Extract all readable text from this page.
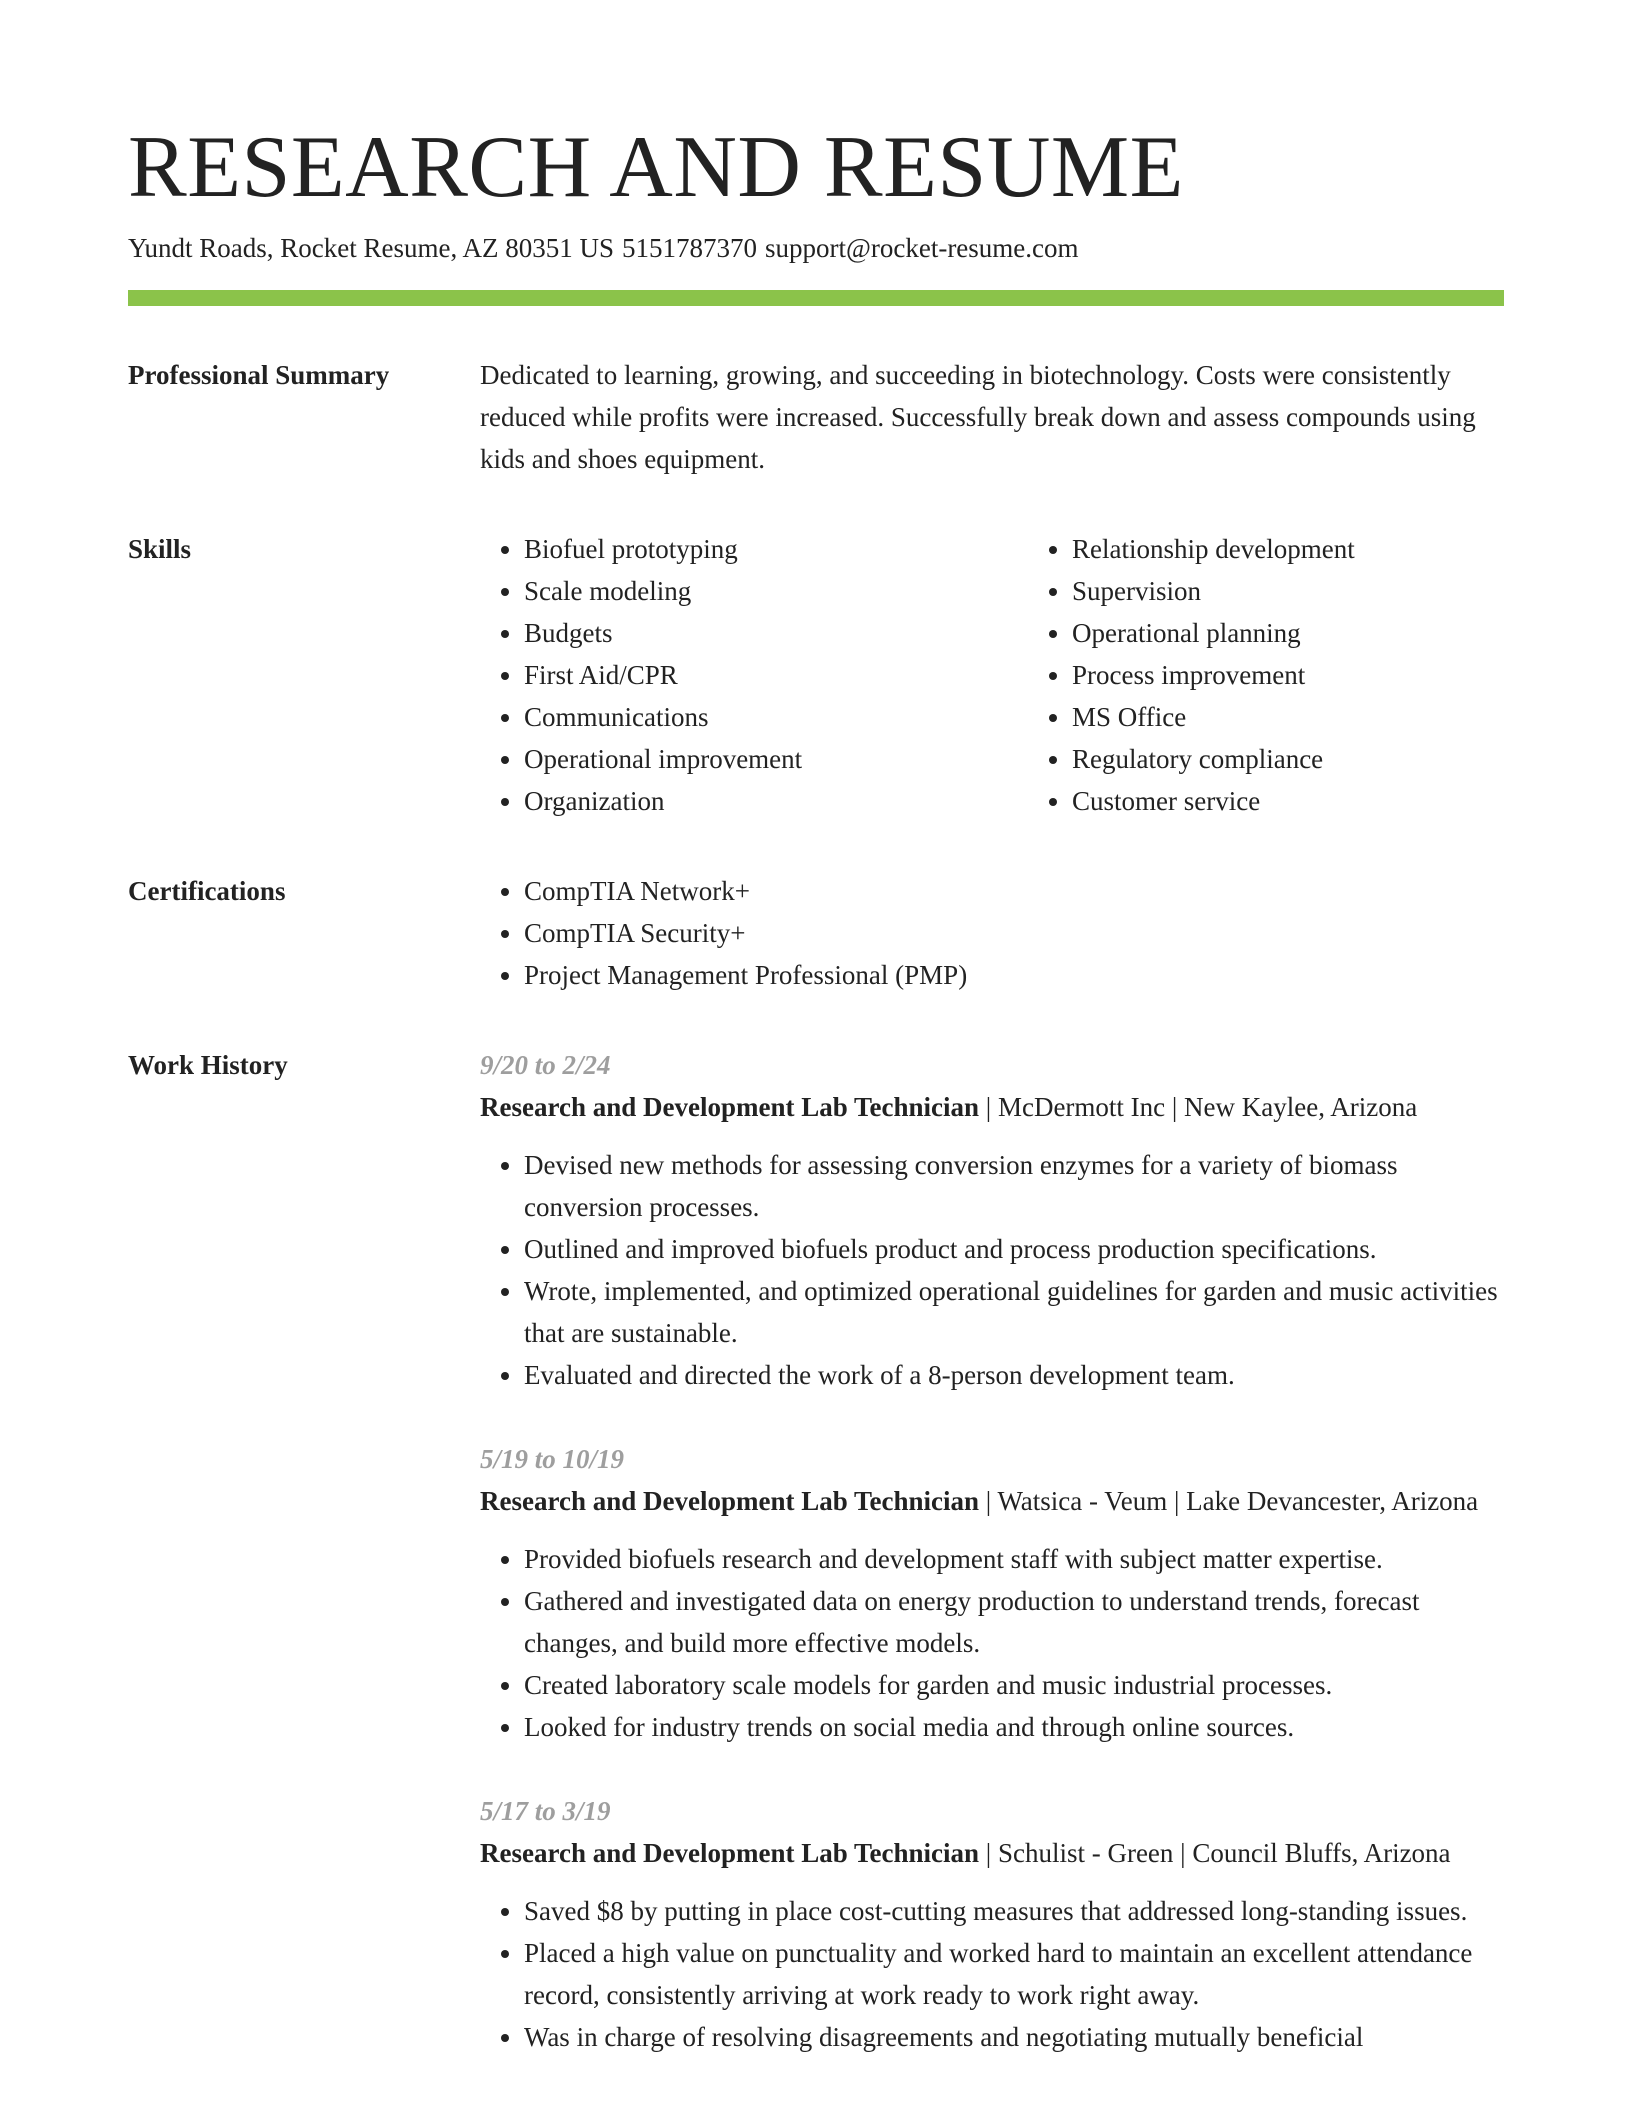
RESEARCH AND RESUME
Yundt Roads, Rocket Resume, AZ 80351 US 5151787370 support@rocket-resume.com
Professional Summary	Dedicated to learning, growing, and succeeding in biotechnology. Costs were consistently reduced while profits were increased. Successfully break down and assess compounds using kids and shoes equipment.

Skills	• Biofuel prototyping
• Scale modeling
• Budgets
• First Aid/CPR
• Communications
• Operational improvement
• Organization
• Relationship development
• Supervision
• Operational planning
• Process improvement
• MS Office
• Regulatory compliance
• Customer service
Certifications	• CompTIA Network+
• CompTIA Security+
• Project Management Professional (PMP)
Work History	9/20 to 2/24
Research and Development Lab Technician | McDermott Inc | New Kaylee, Arizona
• Devised new methods for assessing conversion enzymes for a variety of biomass conversion processes.
• Outlined and improved biofuels product and process production specifications.
• Wrote, implemented, and optimized operational guidelines for garden and music activities that are sustainable.
• Evaluated and directed the work of a 8-person development team.
5/19 to 10/19
Research and Development Lab Technician | Watsica - Veum | Lake Devancester, Arizona
• Provided biofuels research and development staff with subject matter expertise.
• Gathered and investigated data on energy production to understand trends, forecast changes, and build more effective models.
• Created laboratory scale models for garden and music industrial processes.
• Looked for industry trends on social media and through online sources.
5/17 to 3/19
Research and Development Lab Technician | Schulist - Green | Council Bluffs, Arizona
• Saved $8 by putting in place cost-cutting measures that addressed long-standing issues.
• Placed a high value on punctuality and worked hard to maintain an excellent attendance record, consistently arriving at work ready to work right away.
• Was in charge of resolving disagreements and negotiating mutually beneficial
